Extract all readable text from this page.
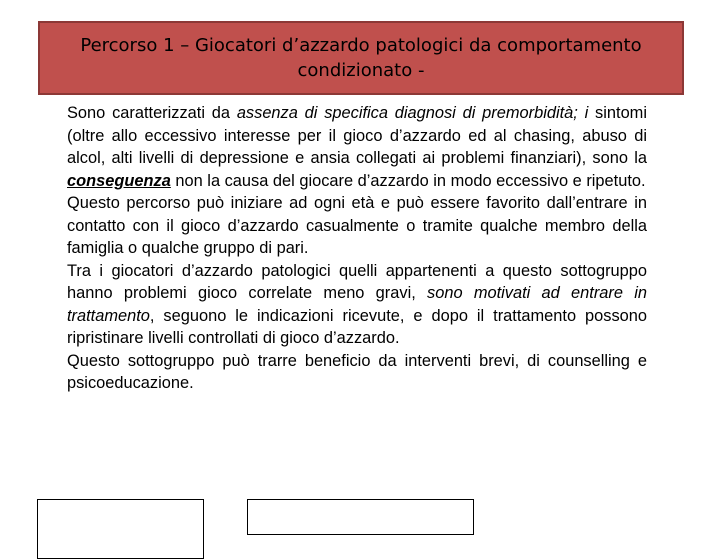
Percorso 1 – Giocatori d’azzardo patologici da comportamento
condizionato -

Sono caratterizzati da assenza di specifica diagnosi di premorbidità; i sintomi (oltre allo eccessivo interesse per il gioco d’azzardo ed al chasing, abuso di alcol, alti livelli di depressione e ansia collegati ai problemi finanziari), sono la conseguenza non la causa del giocare d’azzardo in modo eccessivo e ripetuto.

Questo percorso può iniziare ad ogni età e può essere favorito dall’entrare in contatto con il gioco d’azzardo casualmente o tramite qualche membro della famiglia o qualche gruppo di pari.

Tra i giocatori d’azzardo patologici quelli appartenenti a questo sottogruppo hanno problemi gioco correlate meno gravi, sono motivati ad entrare in trattamento, seguono le indicazioni ricevute, e dopo il trattamento possono ripristinare livelli controllati di gioco d’azzardo.

Questo sottogruppo può trarre beneficio da interventi brevi, di counselling e psicoeducazione.
